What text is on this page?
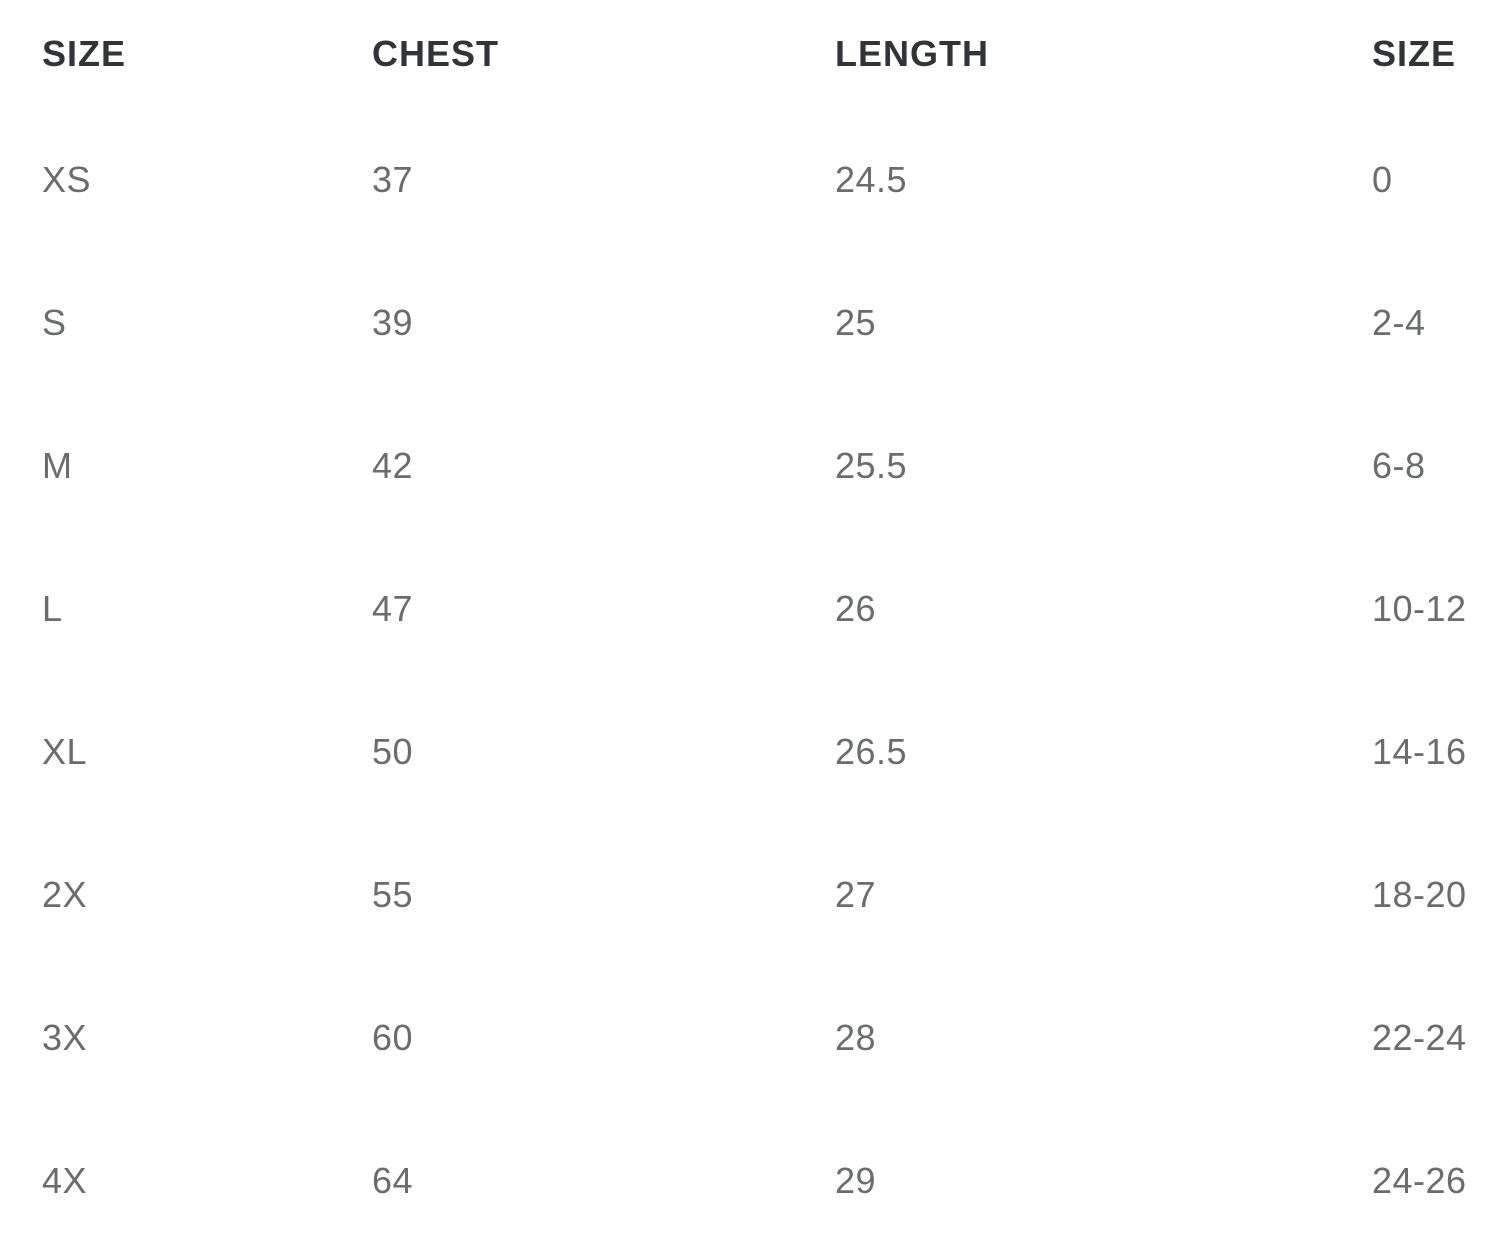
SIZE	CHEST	LENGTH	SIZE
XS	37	24.5	0
S	39	25	2-4
M	42	25.5	6-8
L	47	26	10-12
XL	50	26.5	14-16
2X	55	27	18-20
3X	60	28	22-24
4X	64	29	24-26
